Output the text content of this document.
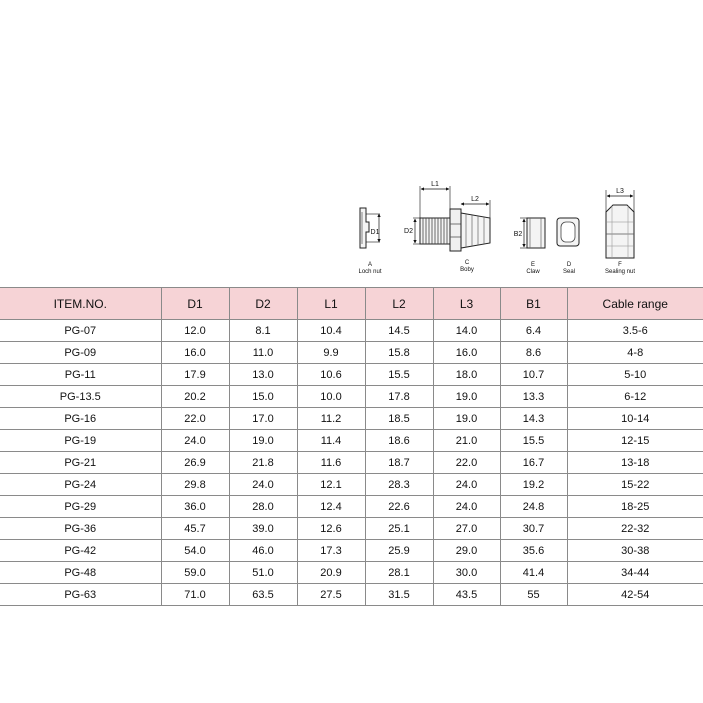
D1
A
Loch nut
L1
L2
D2
C
Boby
B2
E
Claw
D
Seal
L3
F
Sealing nut
ITEM.NO.	D1	D2	L1	L2	L3	B1	Cable range
PG-07	12.0	8.1	10.4	14.5	14.0	6.4	3.5-6
PG-09	16.0	11.0	9.9	15.8	16.0	8.6	4-8
PG-11	17.9	13.0	10.6	15.5	18.0	10.7	5-10
PG-13.5	20.2	15.0	10.0	17.8	19.0	13.3	6-12
PG-16	22.0	17.0	11.2	18.5	19.0	14.3	10-14
PG-19	24.0	19.0	11.4	18.6	21.0	15.5	12-15
PG-21	26.9	21.8	11.6	18.7	22.0	16.7	13-18
PG-24	29.8	24.0	12.1	28.3	24.0	19.2	15-22
PG-29	36.0	28.0	12.4	22.6	24.0	24.8	18-25
PG-36	45.7	39.0	12.6	25.1	27.0	30.7	22-32
PG-42	54.0	46.0	17.3	25.9	29.0	35.6	30-38
PG-48	59.0	51.0	20.9	28.1	30.0	41.4	34-44
PG-63	71.0	63.5	27.5	31.5	43.5	55	42-54
